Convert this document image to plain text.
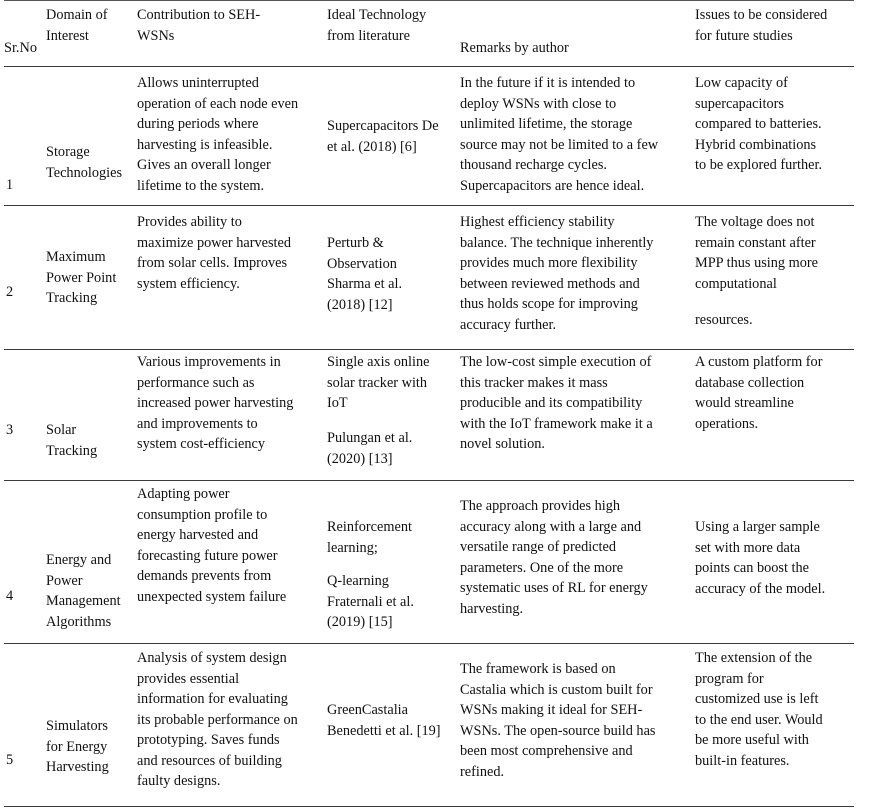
Sr.No
Domain of
Interest
Contribution to SEH-
WSNs
Ideal Technology
from literature
Remarks by author
Issues to be considered
for future studies
1
Storage
Technologies
Allows uninterrupted
operation of each node even
during periods where
harvesting is infeasible.
Gives an overall longer
lifetime to the system.
Supercapacitors De
et al. (2018) [6]
In the future if it is intended to
deploy WSNs with close to
unlimited lifetime, the storage
source may not be limited to a few
thousand recharge cycles.
Supercapacitors are hence ideal.
Low capacity of
supercapacitors
compared to batteries.
Hybrid combinations
to be explored further.
2
Maximum
Power Point
Tracking
Provides ability to
maximize power harvested
from solar cells. Improves
system efficiency.
Perturb &
Observation
Sharma et al.
(2018) [12]
Highest efficiency stability
balance. The technique inherently
provides much more flexibility
between reviewed methods and
thus holds scope for improving
accuracy further.
The voltage does not
remain constant after
MPP thus using more
computational
resources.
3 Solar
Tracking
Various improvements in
performance such as
increased power harvesting
and improvements to
system cost-efficiency
Single axis online
solar tracker with
IoT
Pulungan et al.
(2020) [13]
The low-cost simple execution of
this tracker makes it mass
producible and its compatibility
with the IoT framework make it a
novel solution.
A custom platform for
database collection
would streamline
operations.
4
Energy and
Power
Management
Algorithms
Adapting power
consumption profile to
energy harvested and
forecasting future power
demands prevents from
unexpected system failure
Reinforcement
learning;
Q-learning
Fraternali et al.
(2019) [15]
The approach provides high
accuracy along with a large and
versatile range of predicted
parameters. One of the more
systematic uses of RL for energy
harvesting.
Using a larger sample
set with more data
points can boost the
accuracy of the model.
5
Simulators
for Energy
Harvesting
Analysis of system design
provides essential
information for evaluating
its probable performance on
prototyping. Saves funds
and resources of building
faulty designs.
GreenCastalia
Benedetti et al. [19]
The framework is based on
Castalia which is custom built for
WSNs making it ideal for SEH-
WSNs. The open-source build has
been most comprehensive and
refined.
The extension of the
program for
customized use is left
to the end user. Would
be more useful with
built-in features.
